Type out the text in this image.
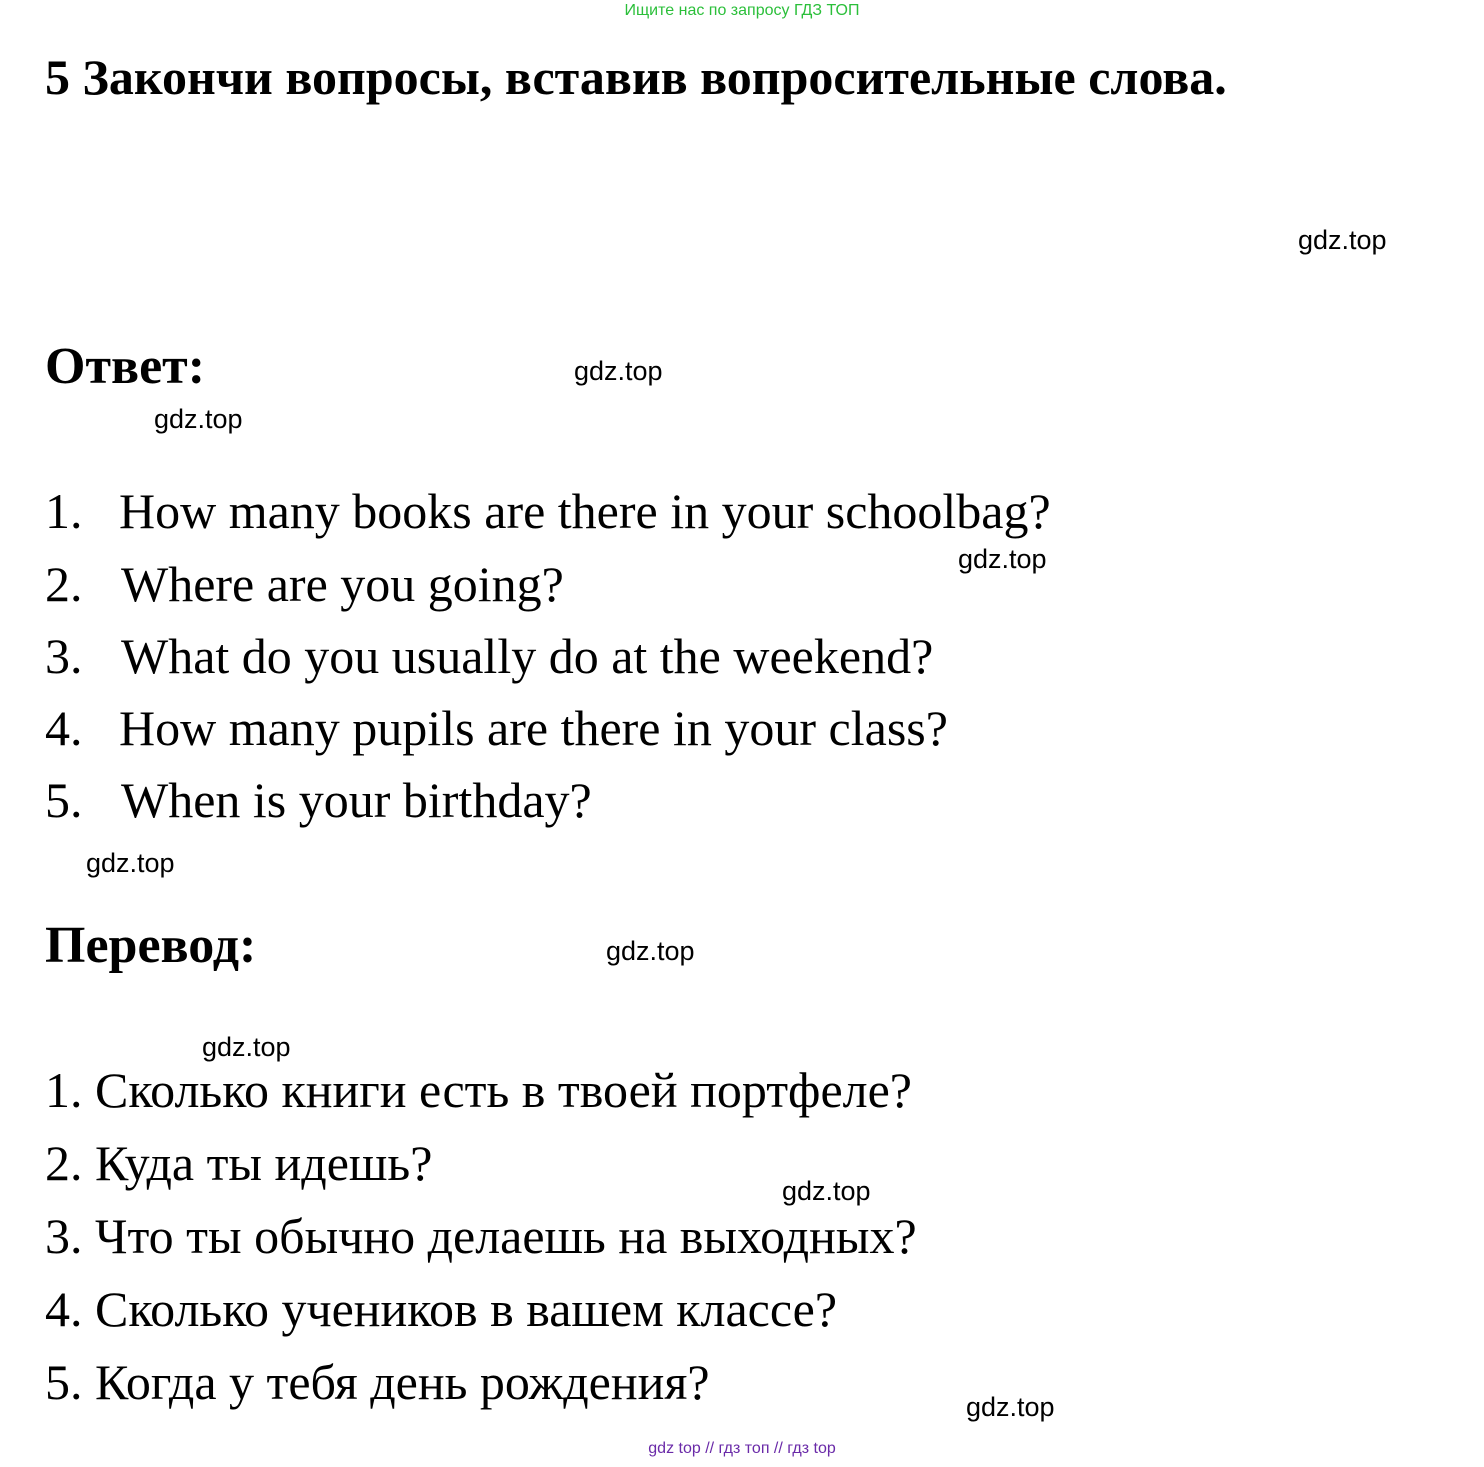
Ищите нас по запросу ГДЗ ТОП
5 Закончи вопросы, вставив вопросительные слова.
gdz.top
Ответ:	gdz.top
gdz.top
1. How many books are there in your schoolbag?
gdz.top
2. Where are you going?
3. What do you usually do at the weekend?
4. How many pupils are there in your class?
5. When is your birthday?
gdz.top
Перевод:	gdz.top
gdz.top
1. Сколько книги есть в твоей портфеле?
2. Куда ты идешь?	gdz.top
3. Что ты обычно делаешь на выходных?
4. Сколько учеников в вашем классе?
5. Когда у тебя день рождения?	gdz.top
gdz top // гдз топ // гдз top
